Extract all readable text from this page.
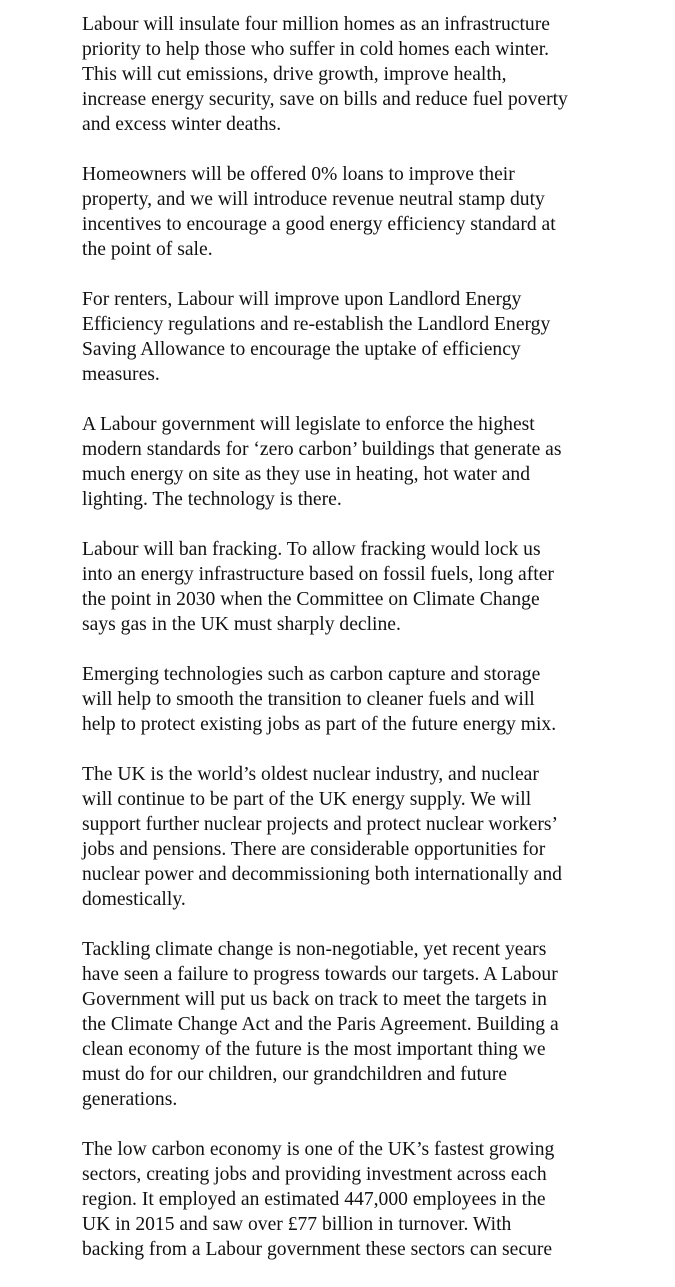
Labour will insulate four million homes as an infrastructure
priority to help those who suffer in cold homes each winter.
This will cut emissions, drive growth, improve health,
increase energy security, save on bills and reduce fuel poverty
and excess winter deaths.

Homeowners will be offered 0% loans to improve their
property, and we will introduce revenue neutral stamp duty
incentives to encourage a good energy efficiency standard at
the point of sale.

For renters, Labour will improve upon Landlord Energy
Efficiency regulations and re-establish the Landlord Energy
Saving Allowance to encourage the uptake of efficiency
measures.

A Labour government will legislate to enforce the highest
modern standards for ‘zero carbon’ buildings that generate as
much energy on site as they use in heating, hot water and
lighting. The technology is there.

Labour will ban fracking. To allow fracking would lock us
into an energy infrastructure based on fossil fuels, long after
the point in 2030 when the Committee on Climate Change
says gas in the UK must sharply decline.

Emerging technologies such as carbon capture and storage
will help to smooth the transition to cleaner fuels and will
help to protect existing jobs as part of the future energy mix.

The UK is the world’s oldest nuclear industry, and nuclear
will continue to be part of the UK energy supply. We will
support further nuclear projects and protect nuclear workers’
jobs and pensions. There are considerable opportunities for
nuclear power and decommissioning both internationally and
domestically.

Tackling climate change is non-negotiable, yet recent years
have seen a failure to progress towards our targets. A Labour
Government will put us back on track to meet the targets in
the Climate Change Act and the Paris Agreement. Building a
clean economy of the future is the most important thing we
must do for our children, our grandchildren and future
generations.

The low carbon economy is one of the UK’s fastest growing
sectors, creating jobs and providing investment across each
region. It employed an estimated 447,000 employees in the
UK in 2015 and saw over £77 billion in turnover. With
backing from a Labour government these sectors can secure
